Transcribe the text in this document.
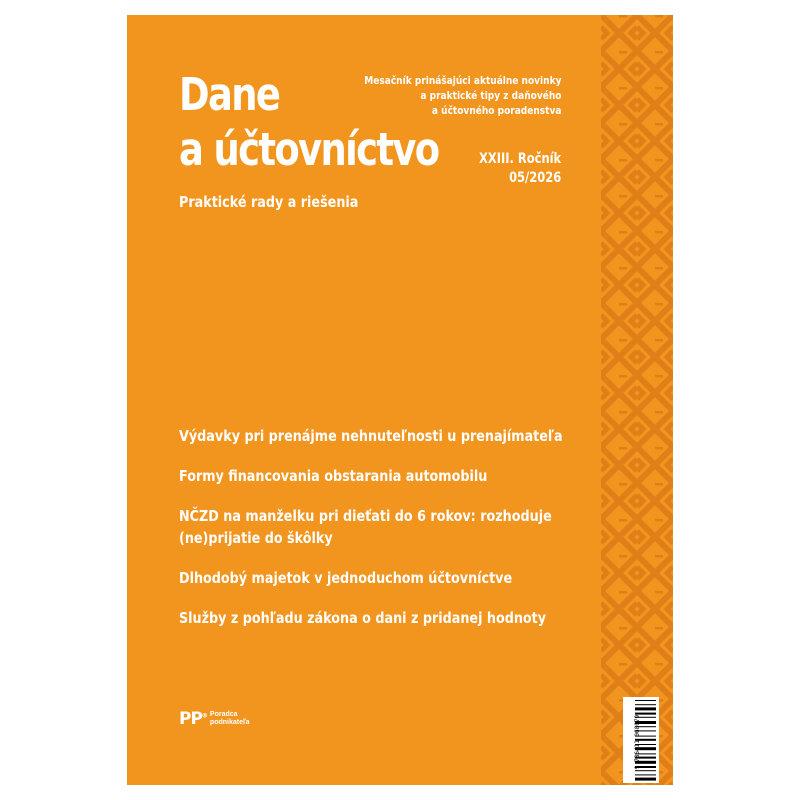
Dane
a účtovníctvo
Praktické rady a riešenia
Mesačník prinášajúci aktuálne novinky
a praktické tipy z daňového
a účtovného poradenstva
XXIII. Ročník
05/2026
Výdavky pri prenájme nehnuteľnosti u prenajímateľa
Formy financovania obstarania automobilu
NČZD na manželku pri dieťati do 6 rokov: rozhoduje (ne)prijatie do škôlky
Dlhodobý majetok v jednoduchom účtovníctve
Služby z pohľadu zákona o dani z pridanej hodnoty
PP® Poradca
podnikateľa	9 786411 068079
